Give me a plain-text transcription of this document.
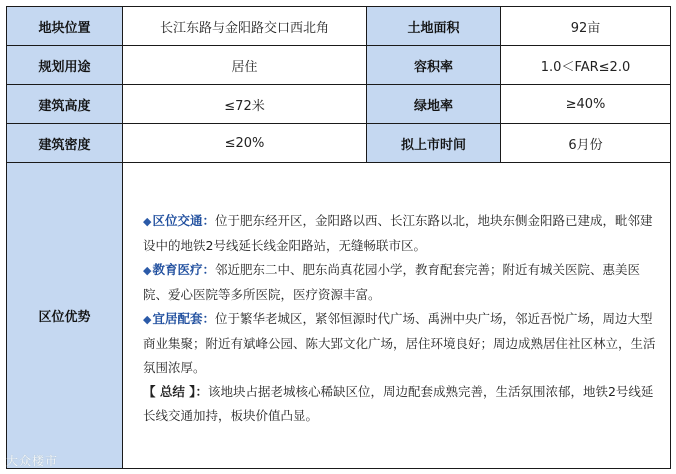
地块位置	长江东路与金阳路交口西北角	土地面积	92亩
规划用途	居住	容积率	1.0＜FAR≤2.0
建筑高度	≤72米	绿地率	≥40%
建筑密度	≤20%	拟上市时间	6月份
区位优势	◆区位交通：位于肥东经开区，金阳路以西、长江东路以北，地块东侧金阳路已建成，毗邻建设中的地铁2号线延长线金阳路站，无缝畅联市区。

◆教育医疗：邻近肥东二中、肥东尚真花园小学，教育配套完善；附近有城关医院、惠美医院、爱心医院等多所医院，医疗资源丰富。

◆宜居配套：位于繁华老城区，紧邻恒源时代广场、禹洲中央广场，邻近吾悦广场，周边大型商业集聚；附近有斌峰公园、陈大郢文化广场，居住环境良好；周边成熟居住社区林立，生活氛围浓厚。

【 总结 】：该地块占据老城核心稀缺区位，周边配套成熟完善，生活氛围浓郁，地铁2号线延长线交通加持，板块价值凸显。		

大众楼市
